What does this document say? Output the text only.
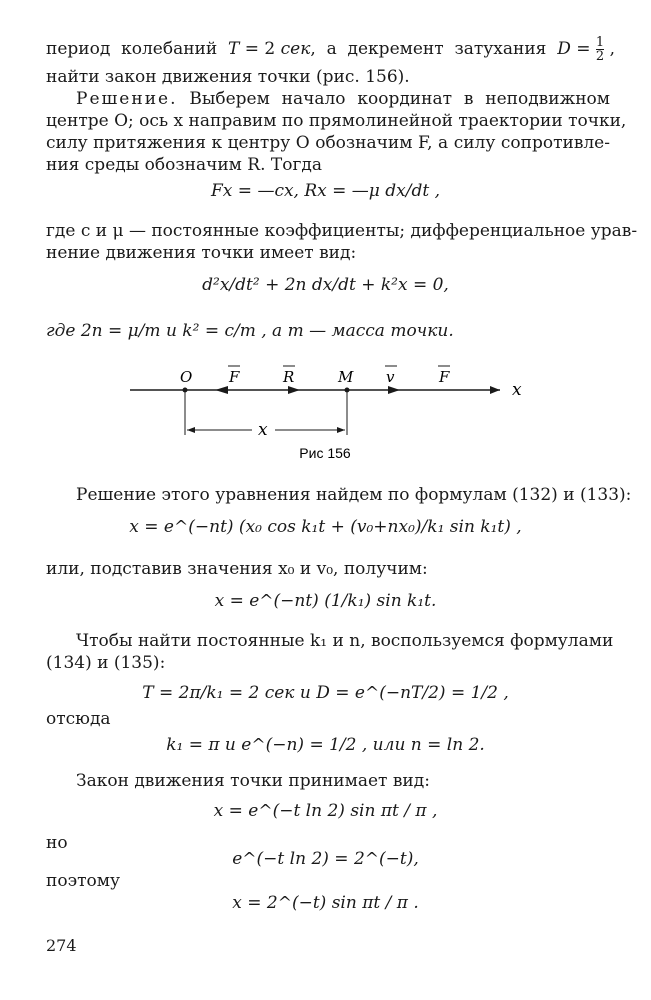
период  колебаний  T = 2 сек,  а  декремент  затухания  $D = \frac{1}{2}$ ,
найти закон движения точки (рис. 156).
Решение. Выберем начало координат в неподвижном
центре O; ось x направим по прямолинейной траектории точки,
силу притяжения к центру O обозначим F, а силу сопротивле-
ния среды обозначим R. Тогда
Fx = —cx, Rx = —μ dx/dt ,
где c и μ — постоянные коэффициенты; дифференциальное урав-
нение движения точки имеет вид:
d²x/dt² + 2n dx/dt + k²x = 0,
где 2n = μ/m и k² = c/m , а m — масса точки.
O F	R	M v	F
x
x
Рис 156
Решение этого уравнения найдем по формулам (132) и (133):
x = e^(−nt) (x₀ cos k₁t + (v₀+nx₀)/k₁ sin k₁t) ,
или, подставив значения x₀ и v₀, получим:
x = e^(−nt) (1/k₁) sin k₁t.
Чтобы найти постоянные k₁ и n, воспользуемся формулами
(134) и (135):
T = 2π/k₁ = 2 сек и D = e^(−nT/2) = 1/2 ,
отсюда
k₁ = π и e^(−n) = 1/2 , или n = ln 2.
Закон движения точки принимает вид:
x = e^(−t ln 2) sin πt / π ,
но
e^(−t ln 2) = 2^(−t),
поэтому
x = 2^(−t) sin πt / π .
274
